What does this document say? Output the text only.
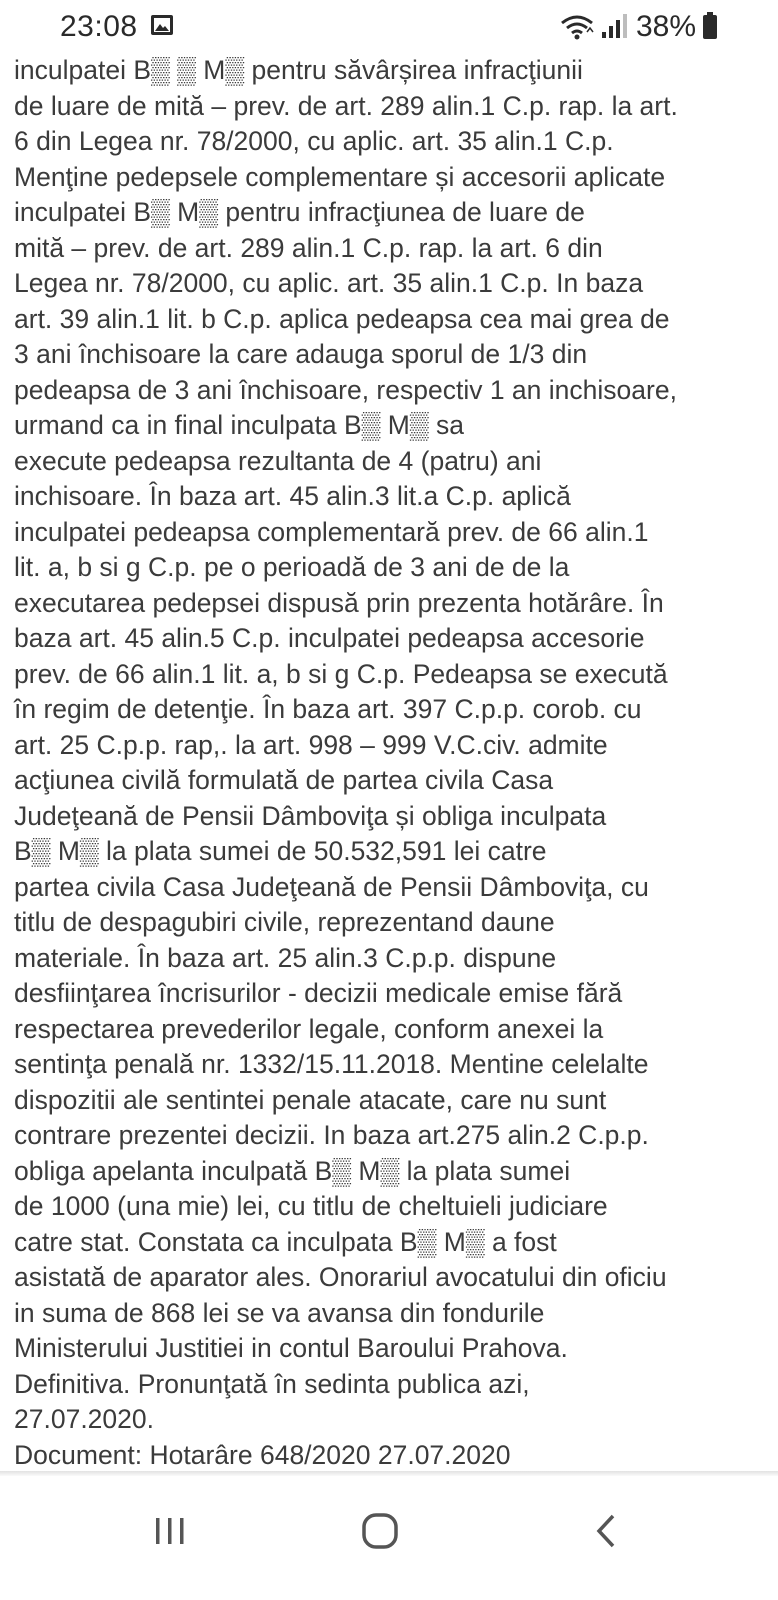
23:08	38%
inculpatei B▒ ▒ M▒ pentru săvârșirea infracţiunii
de luare de mită – prev. de art. 289 alin.1 C.p. rap. la art.
6 din Legea nr. 78/2000, cu aplic. art. 35 alin.1 C.p.
Menţine pedepsele complementare și accesorii aplicate
inculpatei B▒ M▒ pentru infracţiunea de luare de
mită – prev. de art. 289 alin.1 C.p. rap. la art. 6 din
Legea nr. 78/2000, cu aplic. art. 35 alin.1 C.p. In baza
art. 39 alin.1 lit. b C.p. aplica pedeapsa cea mai grea de
3 ani închisoare la care adauga sporul de 1/3 din
pedeapsa de 3 ani închisoare, respectiv 1 an inchisoare,
urmand ca in final inculpata B▒ M▒ sa
execute pedeapsa rezultanta de 4 (patru) ani
inchisoare. În baza art. 45 alin.3 lit.a C.p. aplică
inculpatei pedeapsa complementară prev. de 66 alin.1
lit. a, b si g C.p. pe o perioadă de 3 ani de de la
executarea pedepsei dispusă prin prezenta hotărâre. În
baza art. 45 alin.5 C.p. inculpatei pedeapsa accesorie
prev. de 66 alin.1 lit. a, b si g C.p. Pedeapsa se execută
în regim de detenţie. În baza art. 397 C.p.p. corob. cu
art. 25 C.p.p. rap,. la art. 998 – 999 V.C.civ. admite
acţiunea civilă formulată de partea civila Casa
Judeţeană de Pensii Dâmboviţa și obliga inculpata
B▒ M▒ la plata sumei de 50.532,591 lei catre
partea civila Casa Judeţeană de Pensii Dâmboviţa, cu
titlu de despagubiri civile, reprezentand daune
materiale. În baza art. 25 alin.3 C.p.p. dispune
desfiinţarea încrisurilor - decizii medicale emise fără
respectarea prevederilor legale, conform anexei la
sentinţa penală nr. 1332/15.11.2018. Mentine celelalte
dispozitii ale sentintei penale atacate, care nu sunt
contrare prezentei decizii. In baza art.275 alin.2 C.p.p.
obliga apelanta inculpată B▒ M▒ la plata sumei
de 1000 (una mie) lei, cu titlu de cheltuieli judiciare
catre stat. Constata ca inculpata B▒ M▒ a fost
asistată de aparator ales. Onorariul avocatului din oficiu
in suma de 868 lei se va avansa din fondurile
Ministerului Justitiei in contul Baroului Prahova.
Definitiva. Pronunţată în sedinta publica azi,
27.07.2020.
Document: Hotarâre 648/2020 27.07.2020
